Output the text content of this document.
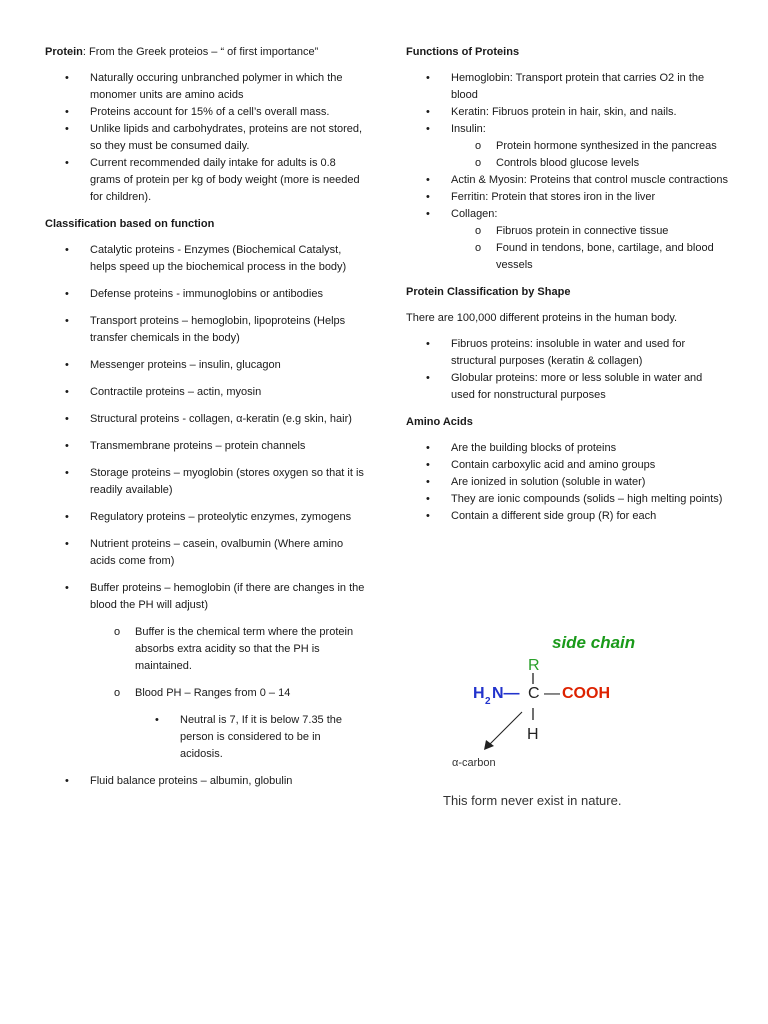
Protein: From the Greek proteios – “ of first importance”
• Naturally occuring unbranched polymer in which the monomer units are amino acids
• Proteins account for 15% of a cell’s overall mass.
• Unlike lipids and carbohydrates, proteins are not stored, so they must be consumed daily.
• Current recommended daily intake for adults is 0.8 grams of protein per kg of body weight (more is needed for children).
Classification based on function
• Catalytic proteins - Enzymes (Biochemical Catalyst, helps speed up the biochemical process in the body)
• Defense proteins - immunoglobins or antibodies
• Transport proteins – hemoglobin, lipoproteins (Helps transfer chemicals in the body)
• Messenger proteins – insulin, glucagon
• Contractile proteins – actin, myosin
• Structural proteins - collagen, α-keratin (e.g skin, hair)
• Transmembrane proteins – protein channels
• Storage proteins – myoglobin (stores oxygen so that it is readily available)
• Regulatory proteins – proteolytic enzymes, zymogens
• Nutrient proteins – casein, ovalbumin (Where amino acids come from)
• Buffer proteins – hemoglobin (if there are changes in the blood the PH will adjust)
o Buffer is the chemical term where the protein absorbs extra acidity so that the PH is maintained.
o Blood PH – Ranges from 0 – 14
• Neutral is 7, If it is below 7.35 the person is considered to be in acidosis.
• Fluid balance proteins – albumin, globulin
Functions of Proteins
• Hemoglobin: Transport protein that carries O2 in the blood
• Keratin: Fibruos protein in hair, skin, and nails.
• Insulin:
o Protein hormone synthesized in the pancreas
o Controls blood glucose levels
• Actin & Myosin: Proteins that control muscle contractions
• Ferritin: Protein that stores iron in the liver
• Collagen:
o Fibruos protein in connective tissue
o Found in tendons, bone, cartilage, and blood vessels
Protein Classification by Shape

There are 100,000 different proteins in the human body.

• Fibruos proteins: insoluble in water and used for structural purposes (keratin & collagen)
• Globular proteins: more or less soluble in water and used for nonstructural purposes
Amino Acids
• Are the building blocks of proteins
• Contain carboxylic acid and amino groups
• Are ionized in solution (soluble in water)
• They are ionic compounds (solids – high melting points)
• Contain a different side group (R) for each
side chain
R
H 2 N— C — COOH
H
α-carbon
This form never exist in nature.
